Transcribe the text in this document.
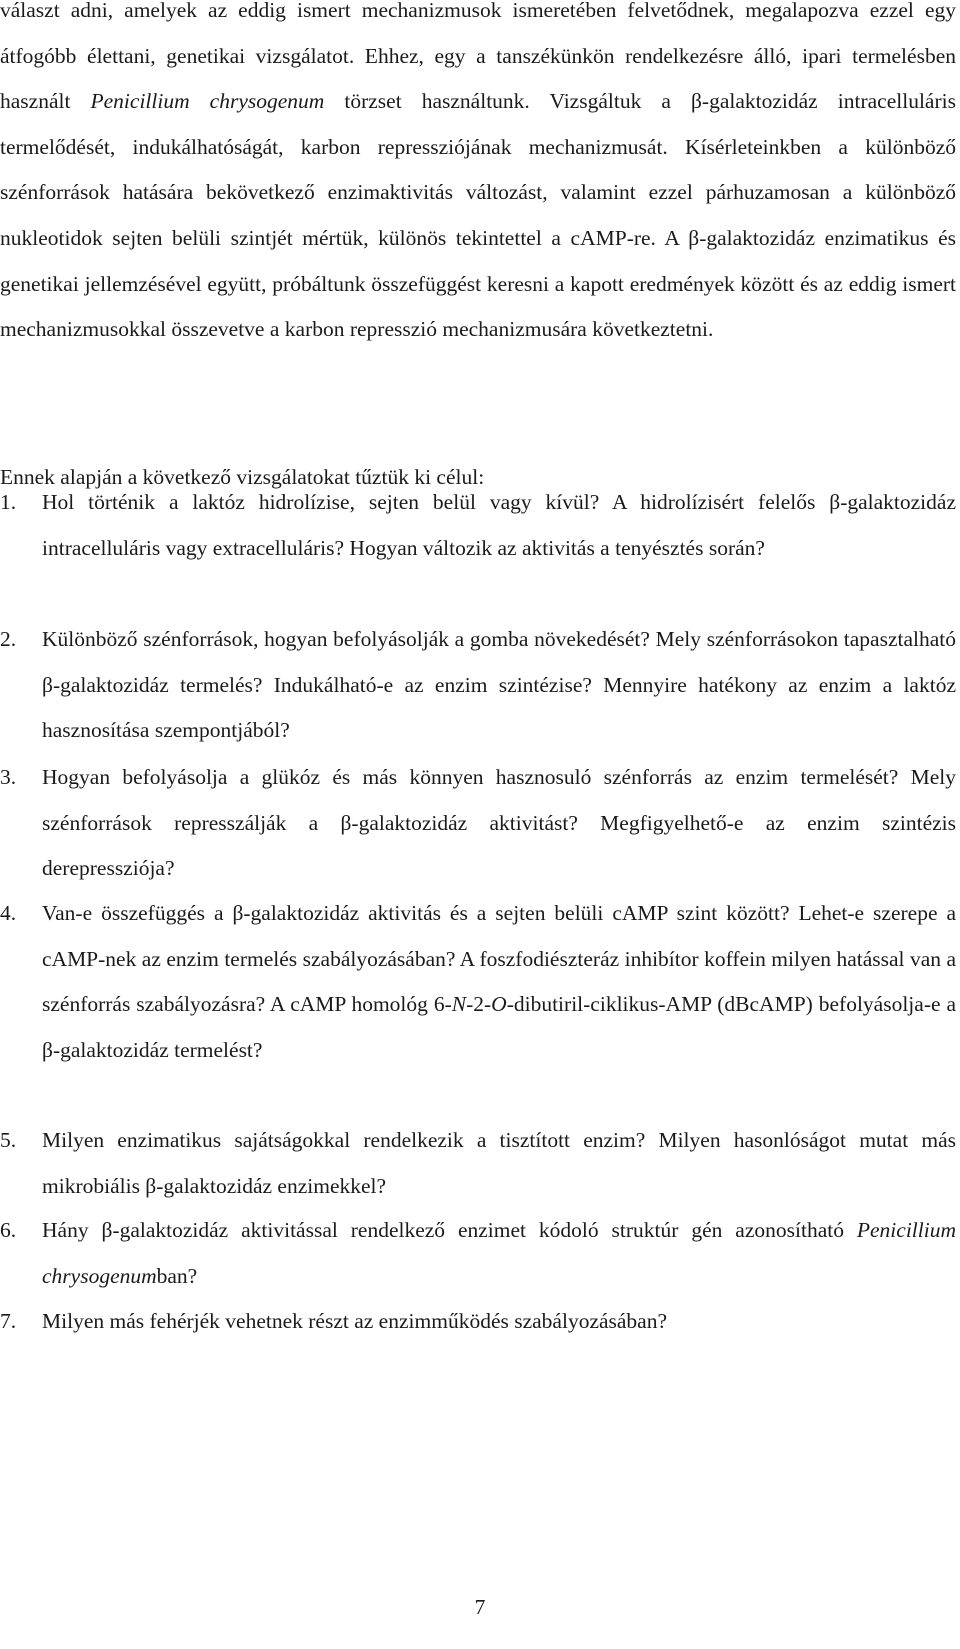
választ adni, amelyek az eddig ismert mechanizmusok ismeretében felvetődnek, megalapozva ezzel egy átfogóbb élettani, genetikai vizsgálatot. Ehhez, egy a tanszékünkön rendelkezésre álló, ipari termelésben használt Penicillium chrysogenum törzset használtunk. Vizsgáltuk a β-galaktozidáz intracelluláris termelődését, indukálhatóságát, karbon repressziójának mechanizmusát. Kísérleteinkben a különböző szénforrások hatására bekövetkező enzimaktivitás változást, valamint ezzel párhuzamosan a különböző nukleotidok sejten belüli szintjét mértük, különös tekintettel a cAMP-re. A β-galaktozidáz enzimatikus és genetikai jellemzésével együtt, próbáltunk összefüggést keresni a kapott eredmények között és az eddig ismert mechanizmusokkal összevetve a karbon represszió mechanizmusára következtetni.

Ennek alapján a következő vizsgálatokat tűztük ki célul:

1. Hol történik a laktóz hidrolízise, sejten belül vagy kívül? A hidrolízisért felelős β-galaktozidáz intracelluláris vagy extracelluláris? Hogyan változik az aktivitás a tenyésztés során?

2. Különböző szénforrások, hogyan befolyásolják a gomba növekedését? Mely szénforrásokon tapasztalható β-galaktozidáz termelés? Indukálható-e az enzim szintézise? Mennyire hatékony az enzim a laktóz hasznosítása szempontjából?

3. Hogyan befolyásolja a glükóz és más könnyen hasznosuló szénforrás az enzim termelését? Mely szénforrások represszálják a β-galaktozidáz aktivitást? Megfigyelhető-e az enzim szintézis derepressziója?

4. Van-e összefüggés a β-galaktozidáz aktivitás és a sejten belüli cAMP szint között? Lehet-e szerepe a cAMP-nek az enzim termelés szabályozásában? A foszfodiészteráz inhibítor koffein milyen hatással van a szénforrás szabályozásra? A cAMP homológ 6-N-2-O-dibutiril-ciklikus-AMP (dBcAMP) befolyásolja-e a β-galaktozidáz termelést?

5. Milyen enzimatikus sajátságokkal rendelkezik a tisztított enzim? Milyen hasonlóságot mutat más mikrobiális β-galaktozidáz enzimekkel?

6. Hány β-galaktozidáz aktivitással rendelkező enzimet kódoló struktúr gén azonosítható Penicillium chrysogenumban?

7. Milyen más fehérjék vehetnek részt az enzimműködés szabályozásában?

7
